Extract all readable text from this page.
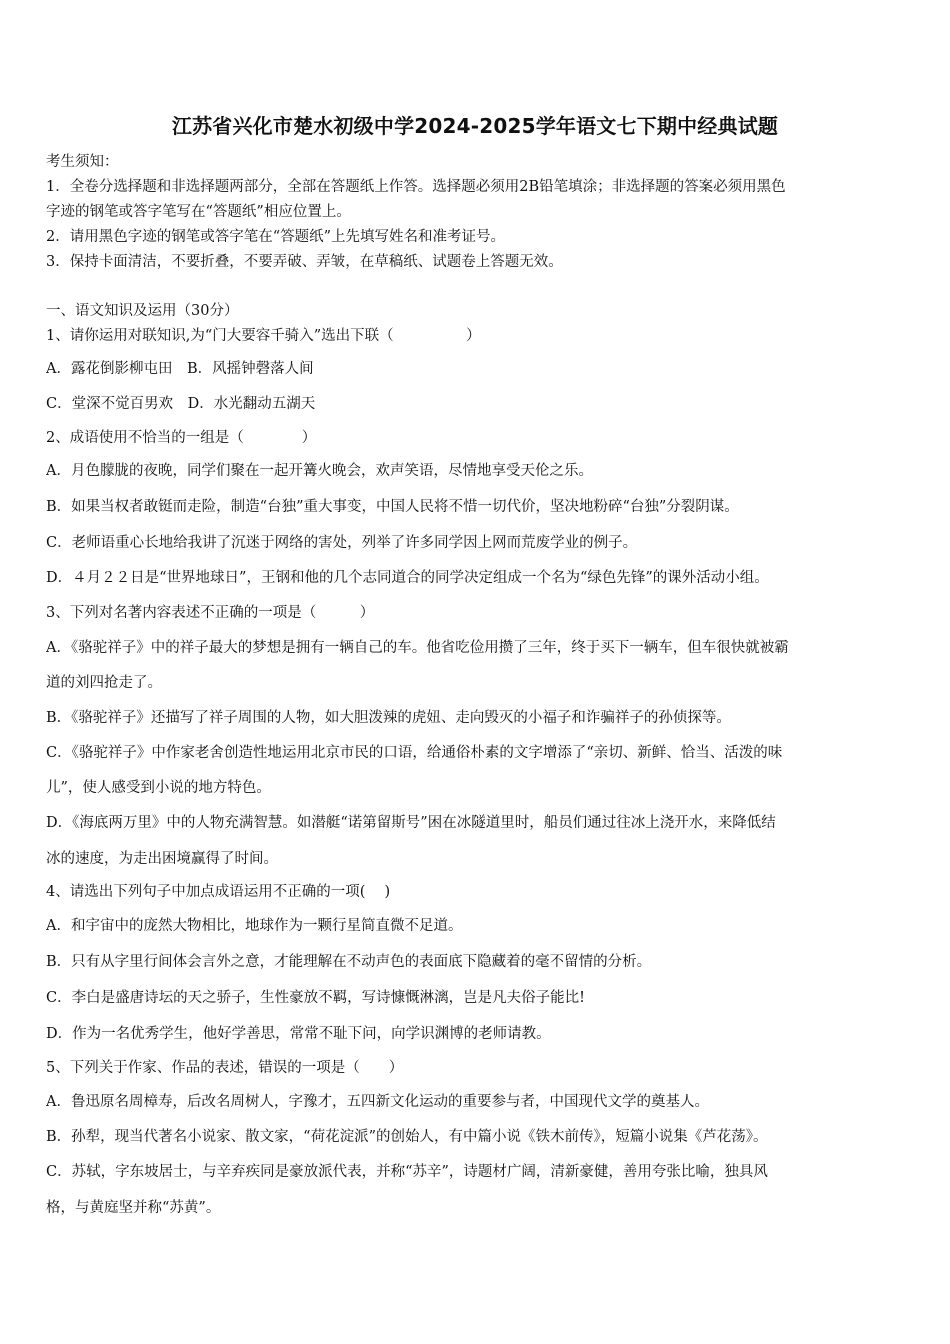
江苏省兴化市楚水初级中学2024-2025学年语文七下期中经典试题
考生须知：
1．全卷分选择题和非选择题两部分，全部在答题纸上作答。选择题必须用2B铅笔填涂；非选择题的答案必须用黑色
字迹的钢笔或答字笔写在“答题纸”相应位置上。
2．请用黑色字迹的钢笔或答字笔在“答题纸”上先填写姓名和准考证号。
3．保持卡面清洁，不要折叠，不要弄破、弄皱，在草稿纸、试题卷上答题无效。
一、语文知识及运用（30分）
1、请你运用对联知识,为“门大要容千骑入”选出下联（　　　　　）
A．露花倒影柳屯田　B．风摇钟磬落人间
C．堂深不觉百男欢　D．水光翻动五湖天
2、成语使用不恰当的一组是（　　　　）
A．月色朦胧的夜晚，同学们聚在一起开篝火晚会，欢声笑语，尽情地享受天伦之乐。
B．如果当权者敢铤而走险，制造“台独”重大事变，中国人民将不惜一切代价，坚决地粉碎“台独”分裂阴谋。
C．老师语重心长地给我讲了沉迷于网络的害处，列举了许多同学因上网而荒废学业的例子。
D．４月２２日是“世界地球日”，王钢和他的几个志同道合的同学决定组成一个名为“绿色先锋”的课外活动小组。
3、下列对名著内容表述不正确的一项是（　　　）
A．《骆驼祥子》中的祥子最大的梦想是拥有一辆自己的车。他省吃俭用攒了三年，终于买下一辆车，但车很快就被霸
道的刘四抢走了。
B．《骆驼祥子》还描写了祥子周围的人物，如大胆泼辣的虎妞、走向毁灭的小福子和诈骗祥子的孙侦探等。
C．《骆驼祥子》中作家老舍创造性地运用北京市民的口语，给通俗朴素的文字增添了“亲切、新鲜、恰当、活泼的味
儿”，使人感受到小说的地方特色。
D．《海底两万里》中的人物充满智慧。如潜艇“诺第留斯号”困在冰隧道里时，船员们通过往冰上浇开水，来降低结
冰的速度，为走出困境赢得了时间。
4、请选出下列句子中加点成语运用不正确的一项(　 )
A．和宇宙中的庞然大物相比，地球作为一颗行星简直微不足道。
B．只有从字里行间体会言外之意，才能理解在不动声色的表面底下隐藏着的毫不留情的分析。
C．李白是盛唐诗坛的天之骄子，生性豪放不羁，写诗慷慨淋漓，岂是凡夫俗子能比!
D．作为一名优秀学生，他好学善思，常常不耻下问，向学识渊博的老师请教。
5、下列关于作家、作品的表述，错误的一项是（　　）
A．鲁迅原名周樟寿，后改名周树人，字豫才，五四新文化运动的重要参与者，中国现代文学的奠基人。
B．孙犁，现当代著名小说家、散文家，“荷花淀派”的创始人，有中篇小说《铁木前传》，短篇小说集《芦花荡》。
C．苏轼，字东坡居士，与辛弃疾同是豪放派代表，并称“苏辛”，诗题材广阔，清新豪健，善用夸张比喻，独具风
格，与黄庭坚并称“苏黄”。
